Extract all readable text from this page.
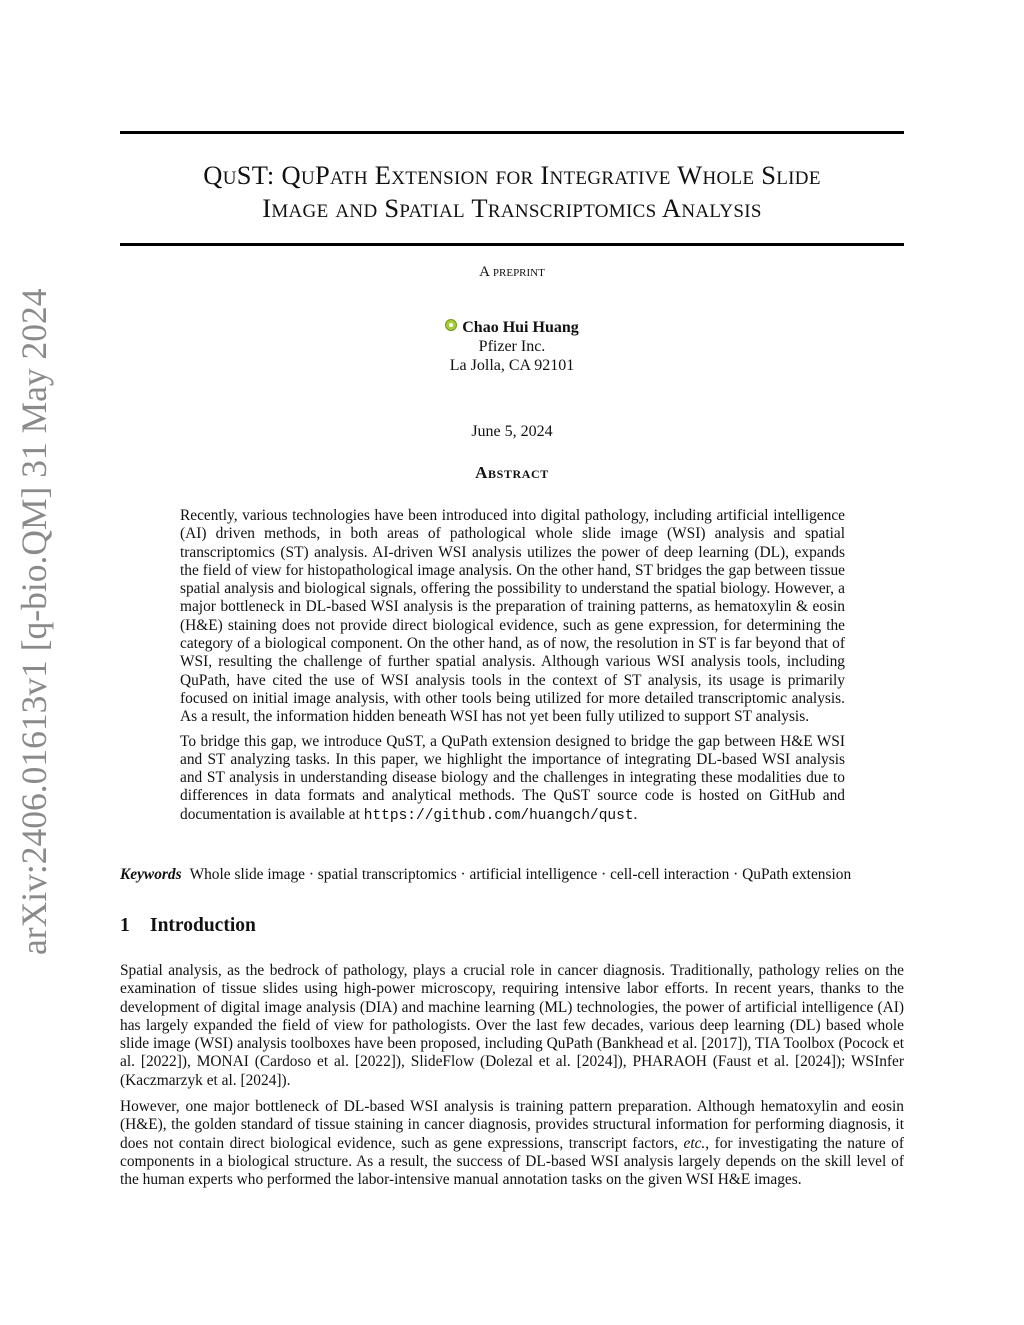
arXiv:2406.01613v1 [q-bio.QM] 31 May 2024
QuST: QuPath Extension for Integrative Whole Slide
Image and Spatial Transcriptomics Analysis
A preprint
Chao Hui Huang
Pfizer Inc.
La Jolla, CA 92101
June 5, 2024
Abstract

Recently, various technologies have been introduced into digital pathology, including artificial intelligence (AI) driven methods, in both areas of pathological whole slide image (WSI) analysis and spatial transcriptomics (ST) analysis. AI-driven WSI analysis utilizes the power of deep learning (DL), expands the field of view for histopathological image analysis. On the other hand, ST bridges the gap between tissue spatial analysis and biological signals, offering the possibility to understand the spatial biology. However, a major bottleneck in DL-based WSI analysis is the preparation of training patterns, as hematoxylin & eosin (H&E) staining does not provide direct biological evidence, such as gene expression, for determining the category of a biological component. On the other hand, as of now, the resolution in ST is far beyond that of WSI, resulting the challenge of further spatial analysis. Although various WSI analysis tools, including QuPath, have cited the use of WSI analysis tools in the context of ST analysis, its usage is primarily focused on initial image analysis, with other tools being utilized for more detailed transcriptomic analysis. As a result, the information hidden beneath WSI has not yet been fully utilized to support ST analysis.

To bridge this gap, we introduce QuST, a QuPath extension designed to bridge the gap between H&E WSI and ST analyzing tasks. In this paper, we highlight the importance of integrating DL-based WSI analysis and ST analysis in understanding disease biology and the challenges in integrating these modalities due to differences in data formats and analytical methods. The QuST source code is hosted on GitHub and documentation is available at https://github.com/huangch/qust.

Keywords Whole slide image · spatial transcriptomics · artificial intelligence · cell-cell interaction · QuPath extension
1 Introduction

Spatial analysis, as the bedrock of pathology, plays a crucial role in cancer diagnosis. Traditionally, pathology relies on the examination of tissue slides using high-power microscopy, requiring intensive labor efforts. In recent years, thanks to the development of digital image analysis (DIA) and machine learning (ML) technologies, the power of artificial intelligence (AI) has largely expanded the field of view for pathologists. Over the last few decades, various deep learning (DL) based whole slide image (WSI) analysis toolboxes have been proposed, including QuPath (Bankhead et al. [2017]), TIA Toolbox (Pocock et al. [2022]), MONAI (Cardoso et al. [2022]), SlideFlow (Dolezal et al. [2024]), PHARAOH (Faust et al. [2024]); WSInfer (Kaczmarzyk et al. [2024]).

However, one major bottleneck of DL-based WSI analysis is training pattern preparation. Although hematoxylin and eosin (H&E), the golden standard of tissue staining in cancer diagnosis, provides structural information for performing diagnosis, it does not contain direct biological evidence, such as gene expressions, transcript factors, etc., for investigating the nature of components in a biological structure. As a result, the success of DL-based WSI analysis largely depends on the skill level of the human experts who performed the labor-intensive manual annotation tasks on the given WSI H&E images.
